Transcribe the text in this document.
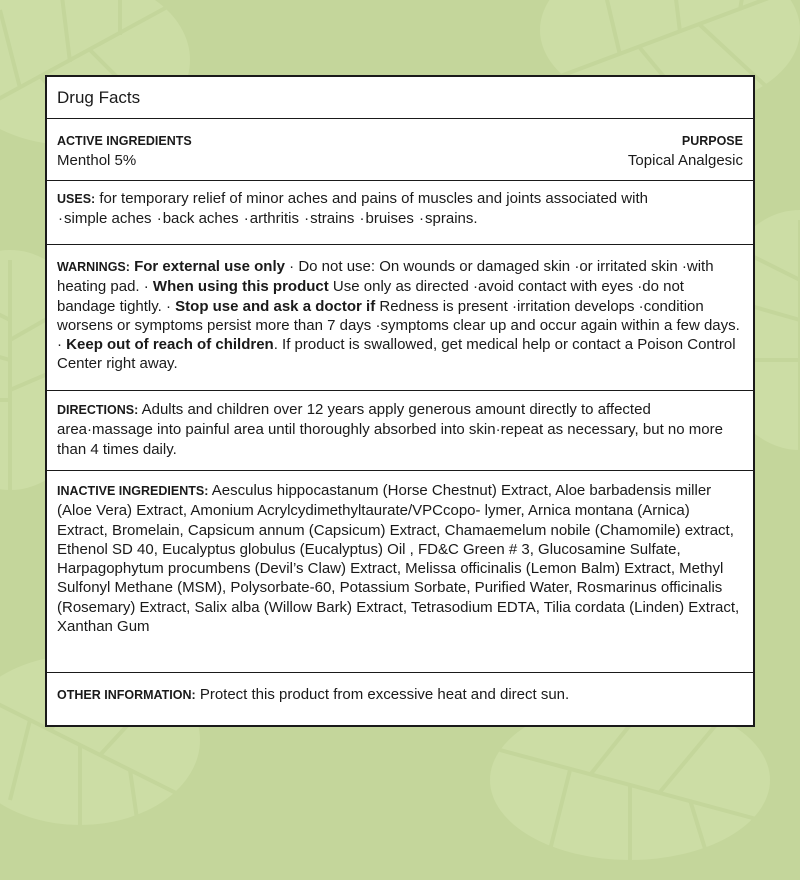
Drug Facts
ACTIVE INGREDIENTS	PURPOSE
Menthol 5%	Topical Analgesic

USES: for temporary relief of minor aches and pains of muscles and joints associated with
·simple aches ·back aches ·arthritis ·strains ·bruises ·sprains.

WARNINGS: For external use only · Do not use: On wounds or damaged skin ·or irritated skin ·with heating pad. · When using this product Use only as directed ·avoid contact with eyes ·do not bandage tightly. · Stop use and ask a doctor if Redness is present ·irritation develops ·condition worsens or symptoms persist more than 7 days ·symptoms clear up and occur again within a few days. · Keep out of reach of children. If product is swallowed, get medical help or contact a Poison Control Center right away.

DIRECTIONS: Adults and children over 12 years apply generous amount directly to affected area·massage into painful area until thoroughly absorbed into skin·repeat as necessary, but no more than 4 times daily.

INACTIVE INGREDIENTS: Aesculus hippocastanum (Horse Chestnut) Extract, Aloe barbadensis miller (Aloe Vera) Extract, Amonium Acrylcydimethyltaurate/VPCcopo- lymer, Arnica montana (Arnica) Extract, Bromelain, Capsicum annum (Capsicum) Extract, Chamaemelum nobile (Chamomile) extract, Ethenol SD 40, Eucalyptus globulus (Eucalyptus) Oil , FD&C Green # 3, Glucosamine Sulfate, Harpagophytum procumbens (Devil’s Claw) Extract, Melissa officinalis (Lemon Balm) Extract, Methyl Sulfonyl Methane (MSM), Polysorbate-60, Potassium Sorbate, Purified Water, Rosmarinus officinalis (Rosemary) Extract, Salix alba (Willow Bark) Extract, Tetrasodium EDTA, Tilia cordata (Linden) Extract, Xanthan Gum

OTHER INFORMATION: Protect this product from excessive heat and direct sun.
